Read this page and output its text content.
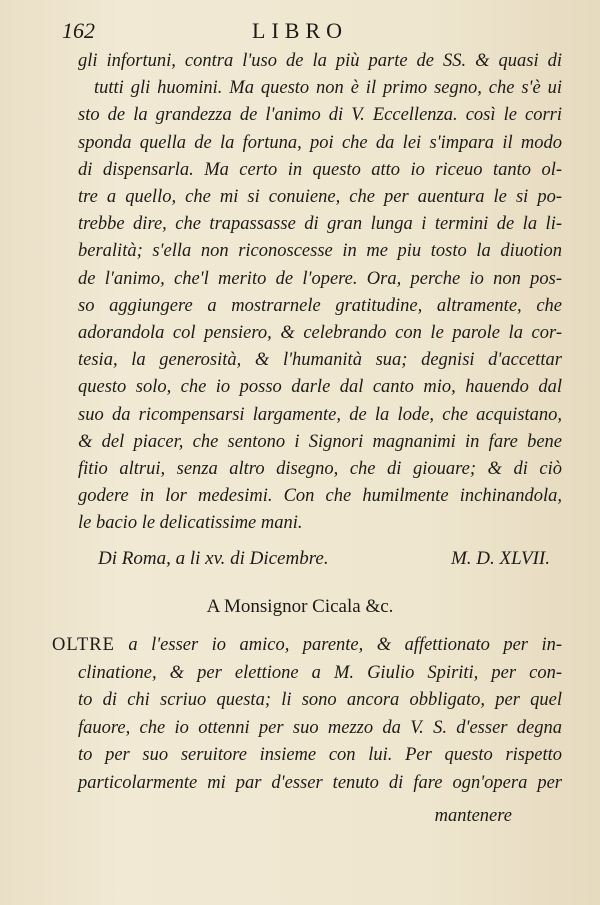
162	LIBRO
gli infortuni, contra l'uso de la più parte de SS. & quasi di
tutti gli huomini. Ma questo non è il primo segno, che s'è ui
sto de la grandezza de l'animo di V. Eccellenza. così le corri
sponda quella de la fortuna, poi che da lei s'impara il modo
di dispensarla. Ma certo in questo atto io riceuo tanto ol-
tre a quello, che mi si conuiene, che per auentura le si po-
trebbe dire, che trapassasse di gran lunga i termini de la li-
beralità; s'ella non riconoscesse in me piu tosto la diuotion
de l'animo, che'l merito de l'opere. Ora, perche io non pos-
so aggiungere a mostrarnele gratitudine, altramente, che
adorandola col pensiero, & celebrando con le parole la cor-
tesia, la generosità, & l'humanità sua; degnisi d'accettar
questo solo, che io posso darle dal canto mio, hauendo dal
suo da ricompensarsi largamente, de la lode, che acquistano,
& del piacer, che sentono i Signori magnanimi in fare bene
fitio altrui, senza altro disegno, che di giouare; & di ciò
godere in lor medesimi. Con che humilmente inchinandola,
le bacio le delicatissime mani.
Di Roma, a li xv. di Dicembre.	M. D. XLVII.
A Monsignor Cicala &c.
OLTRE a l'esser io amico, parente, & affettionato per in-
clinatione, & per elettione a M. Giulio Spiriti, per con-
to di chi scriuo questa; li sono ancora obbligato, per quel
fauore, che io ottenni per suo mezzo da V. S. d'esser degna
to per suo seruitore insieme con lui. Per questo rispetto
particolarmente mi par d'esser tenuto di fare ogn'opera per
mantenere
